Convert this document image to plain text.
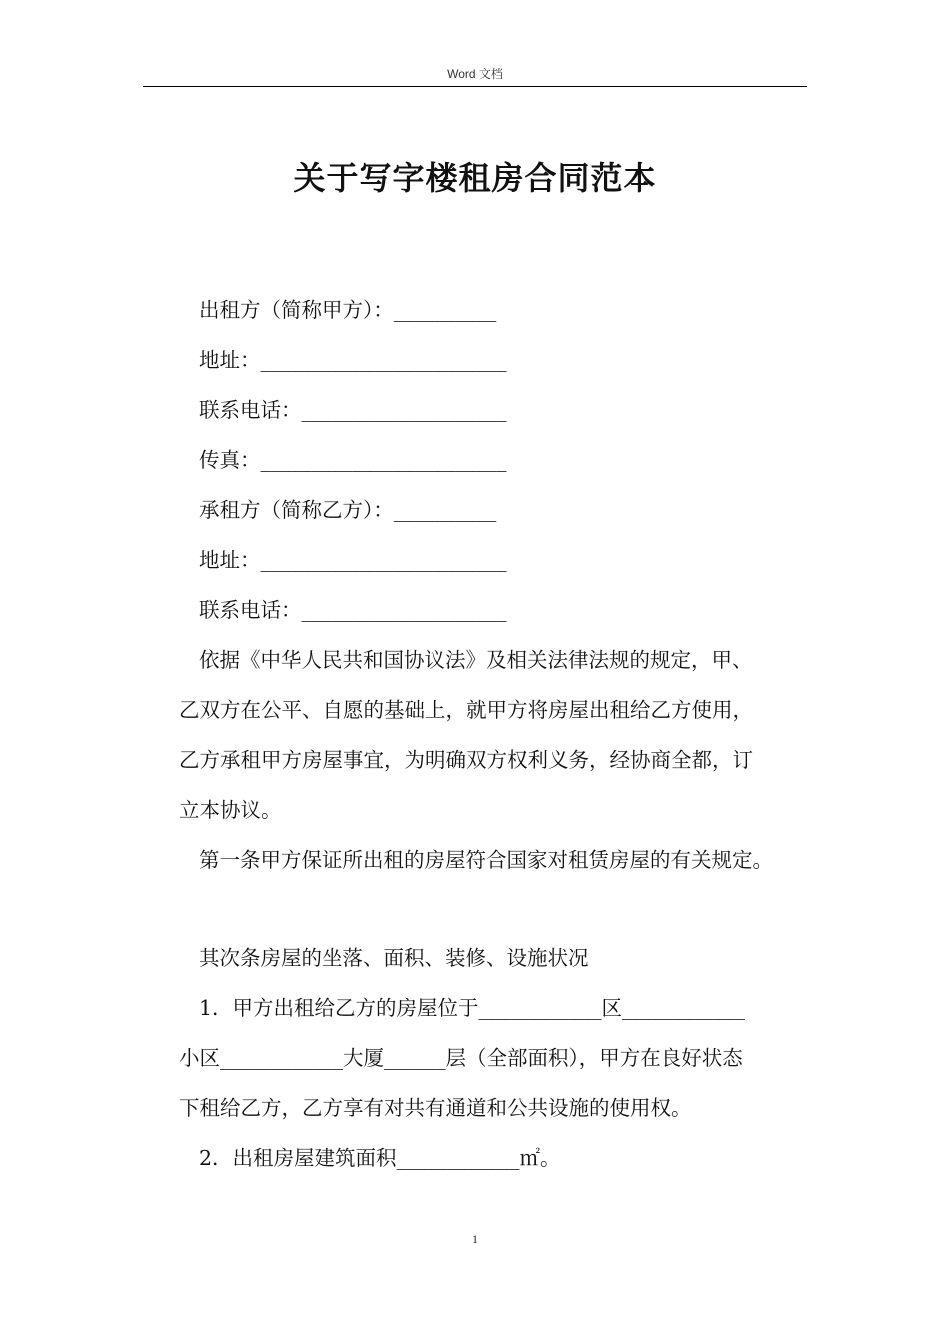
Word 文档
关于写字楼租房合同范本
出租方（简称甲方）：__________
地址：________________________
联系电话：____________________
传真：________________________
承租方（简称乙方）：__________
地址：________________________
联系电话：____________________
依据《中华人民共和国协议法》及相关法律法规的规定，甲、
乙双方在公平、自愿的基础上，就甲方将房屋出租给乙方使用，
乙方承租甲方房屋事宜，为明确双方权利义务，经协商全都，订
立本协议。
第一条甲方保证所出租的房屋符合国家对租赁房屋的有关规定。
其次条房屋的坐落、面积、装修、设施状况
1．甲方出租给乙方的房屋位于____________区____________
小区____________大厦______层（全部面积），甲方在良好状态
下租给乙方，乙方享有对共有通道和公共设施的使用权。
2．出租房屋建筑面积____________㎡。
1
